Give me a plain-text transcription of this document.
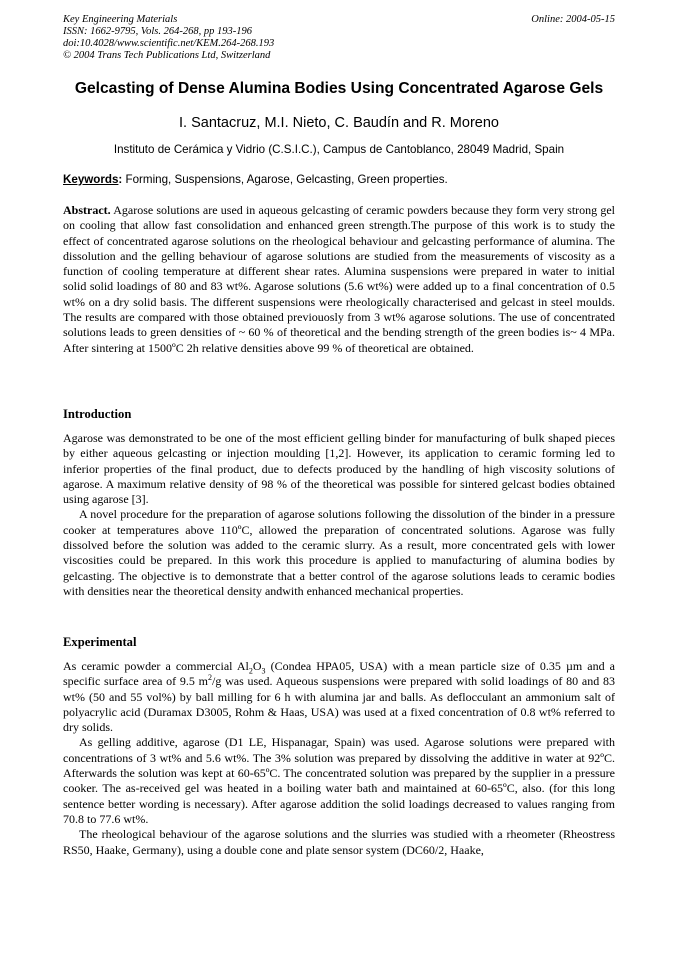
Key Engineering Materials
ISSN: 1662-9795, Vols. 264-268, pp 193-196
doi:10.4028/www.scientific.net/KEM.264-268.193
© 2004 Trans Tech Publications Ltd, Switzerland
Online: 2004-05-15
Gelcasting of Dense Alumina Bodies Using Concentrated Agarose Gels
I. Santacruz, M.I. Nieto, C. Baudín and R. Moreno
Instituto de Cerámica y Vidrio (C.S.I.C.), Campus de Cantoblanco, 28049 Madrid, Spain
Keywords: Forming, Suspensions, Agarose, Gelcasting, Green properties.

Abstract. Agarose solutions are used in aqueous gelcasting of ceramic powders because they form very strong gel on cooling that allow fast consolidation and enhanced green strength.The purpose of this work is to study the effect of concentrated agarose solutions on the rheological behaviour and gelcasting performance of alumina. The dissolution and the gelling behaviour of agarose solutions are studied from the measurements of viscosity as a function of cooling temperature at different shear rates. Alumina suspensions were prepared in water to initial solid solid loadings of 80 and 83 wt%. Agarose solutions (5.6 wt%) were added up to a final concentration of 0.5 wt% on a dry solid basis. The different suspensions were rheologically characterised and gelcast in steel moulds. The results are compared with those obtained previouosly from 3 wt% agarose solutions. The use of concentrated solutions leads to green densities of ~ 60 % of theoretical and the bending strength of the green bodies is~ 4 MPa. After sintering at 1500ºC 2h relative densities above 99 % of theoretical are obtained.

Introduction

Agarose was demonstrated to be one of the most efficient gelling binder for manufacturing of bulk shaped pieces by either aqueous gelcasting or injection moulding [1,2]. However, its application to ceramic forming led to inferior properties of the final product, due to defects produced by the handling of high viscosity solutions of agarose. A maximum relative density of 98 % of the theoretical was possible for sintered gelcast bodies obtained using agarose [3].

A novel procedure for the preparation of agarose solutions following the dissolution of the binder in a pressure cooker at temperatures above 110ºC, allowed the preparation of concentrated solutions. Agarose was fully dissolved before the solution was added to the ceramic slurry. As a result, more concentrated gels with lower viscosities could be prepared. In this work this procedure is applied to manufacturing of alumina bodies by gelcasting. The objective is to demonstrate that a better control of the agarose solutions leads to ceramic bodies with densities near the theoretical density andwith enhanced mechanical properties.

Experimental

As ceramic powder a commercial $Al_2O_3$ (Condea HPA05, USA) with a mean particle size of 0.35 µm and a specific surface area of 9.5 $m^2/g$ was used. Aqueous suspensions were prepared with solid loadings of 80 and 83 wt% (50 and 55 vol%) by ball milling for 6 h with alumina jar and balls. As deflocculant an ammonium salt of polyacrylic acid (Duramax D3005, Rohm & Haas, USA) was used at a fixed concentration of 0.8 wt% referred to dry solids.

As gelling additive, agarose (D1 LE, Hispanagar, Spain) was used. Agarose solutions were prepared with concentrations of 3 wt% and 5.6 wt%. The 3% solution was prepared by dissolving the additive in water at 92ºC. Afterwards the solution was kept at 60-65ºC. The concentrated solution was prepared by the supplier in a pressure cooker. The as-received gel was heated in a boiling water bath and maintained at 60-65ºC, also. (for this long sentence better wording is necessary). After agarose addition the solid loadings decreased to values ranging from 70.8 to 77.6 wt%.

The rheological behaviour of the agarose solutions and the slurries was studied with a rheometer (Rheostress RS50, Haake, Germany), using a double cone and plate sensor system (DC60/2, Haake,
